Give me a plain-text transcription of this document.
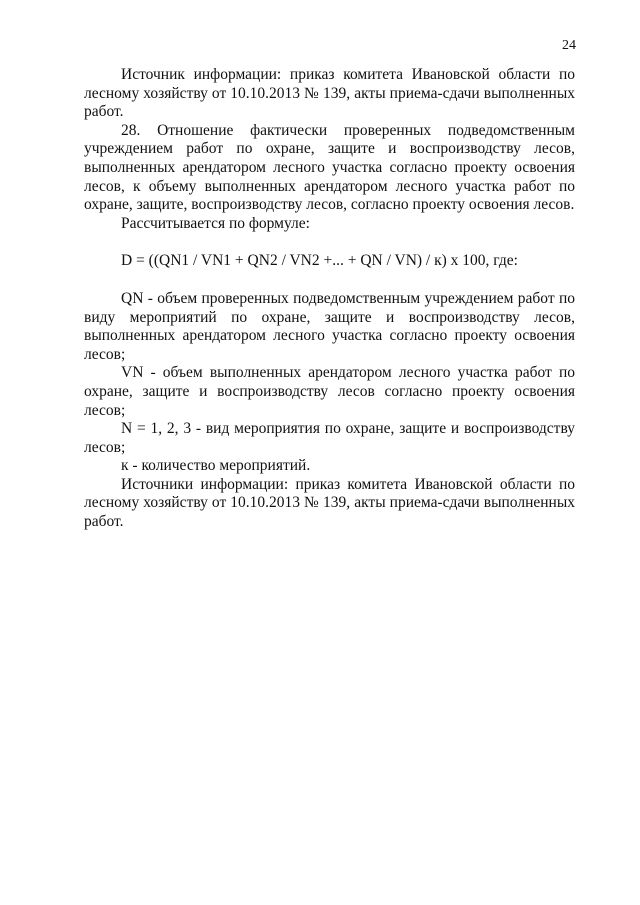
24

Источник информации: приказ комитета Ивановской области по лесному хозяйству от 10.10.2013 № 139, акты приема-сдачи выполненных работ.

28. Отношение фактически проверенных подведомственным учреждением работ по охране, защите и воспроизводству лесов, выполненных арендатором лесного участка согласно проекту освоения лесов, к объему выполненных арендатором лесного участка работ по охране, защите, воспроизводству лесов, согласно проекту освоения лесов.

Рассчитывается по формуле:

D = ((QN1 / VN1 + QN2 / VN2 +... + QN / VN) / к) x 100, где:

QN - объем проверенных подведомственным учреждением работ по виду мероприятий по охране, защите и воспроизводству лесов, выполненных арендатором лесного участка согласно проекту освоения лесов;

VN - объем выполненных арендатором лесного участка работ по охране, защите и воспроизводству лесов согласно проекту освоения лесов;

N = 1, 2, 3 - вид мероприятия по охране, защите и воспроизводству лесов;

к - количество мероприятий.

Источники информации: приказ комитета Ивановской области по лесному хозяйству от 10.10.2013 № 139, акты приема-сдачи выполненных работ.
